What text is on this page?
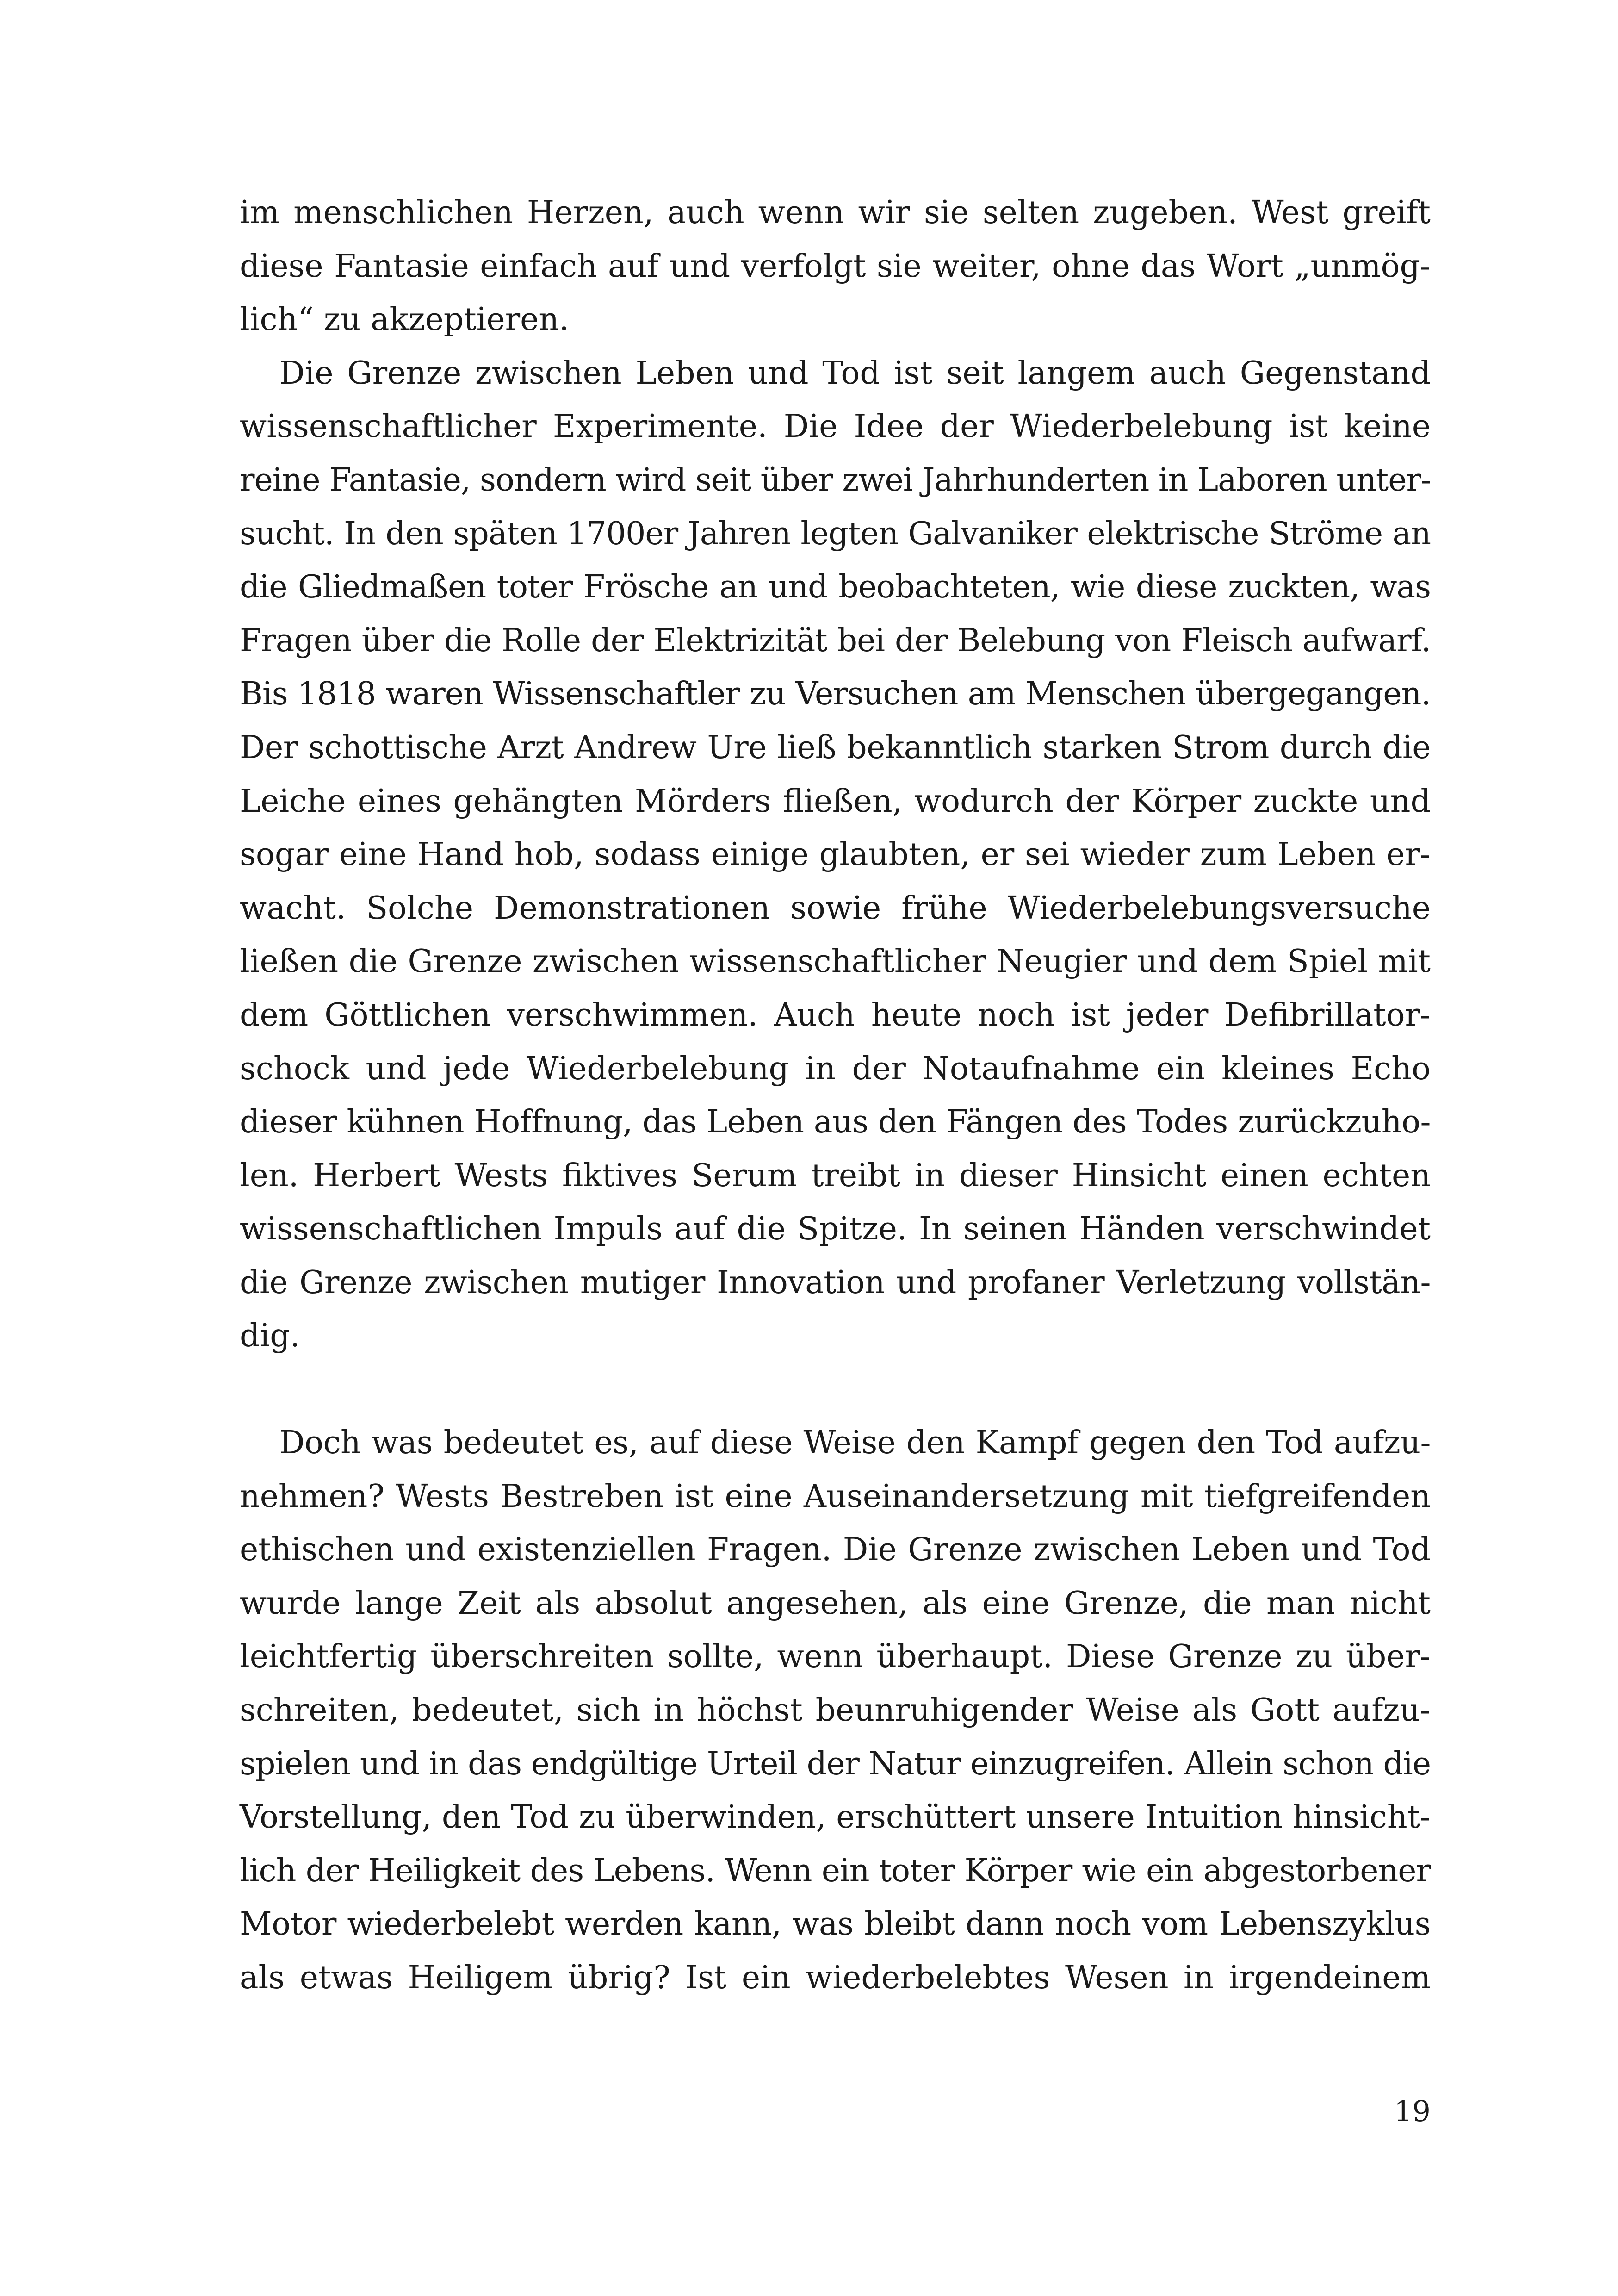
im menschlichen Herzen, auch wenn wir sie selten zugeben. West greift
diese Fantasie einfach auf und verfolgt sie weiter, ohne das Wort „unmög-
lich“ zu akzeptieren.
Die Grenze zwischen Leben und Tod ist seit langem auch Gegenstand
wissenschaftlicher Experimente. Die Idee der Wiederbelebung ist keine
reine Fantasie, sondern wird seit über zwei Jahrhunderten in Laboren unter-
sucht. In den späten 1700er Jahren legten Galvaniker elektrische Ströme an
die Gliedmaßen toter Frösche an und beobachteten, wie diese zuckten, was
Fragen über die Rolle der Elektrizität bei der Belebung von Fleisch aufwarf.
Bis 1818 waren Wissenschaftler zu Versuchen am Menschen übergegangen.
Der schottische Arzt Andrew Ure ließ bekanntlich starken Strom durch die
Leiche eines gehängten Mörders fließen, wodurch der Körper zuckte und
sogar eine Hand hob, sodass einige glaubten, er sei wieder zum Leben er-
wacht. Solche Demonstrationen sowie frühe Wiederbelebungsversuche
ließen die Grenze zwischen wissenschaftlicher Neugier und dem Spiel mit
dem Göttlichen verschwimmen. Auch heute noch ist jeder Defibrillator-
schock und jede Wiederbelebung in der Notaufnahme ein kleines Echo
dieser kühnen Hoffnung, das Leben aus den Fängen des Todes zurückzuho-
len. Herbert Wests fiktives Serum treibt in dieser Hinsicht einen echten
wissenschaftlichen Impuls auf die Spitze. In seinen Händen verschwindet
die Grenze zwischen mutiger Innovation und profaner Verletzung vollstän-
dig.
Doch was bedeutet es, auf diese Weise den Kampf gegen den Tod aufzu-
nehmen? Wests Bestreben ist eine Auseinandersetzung mit tiefgreifenden
ethischen und existenziellen Fragen. Die Grenze zwischen Leben und Tod
wurde lange Zeit als absolut angesehen, als eine Grenze, die man nicht
leichtfertig überschreiten sollte, wenn überhaupt. Diese Grenze zu über-
schreiten, bedeutet, sich in höchst beunruhigender Weise als Gott aufzu-
spielen und in das endgültige Urteil der Natur einzugreifen. Allein schon die
Vorstellung, den Tod zu überwinden, erschüttert unsere Intuition hinsicht-
lich der Heiligkeit des Lebens. Wenn ein toter Körper wie ein abgestorbener
Motor wiederbelebt werden kann, was bleibt dann noch vom Lebenszyklus
als etwas Heiligem übrig? Ist ein wiederbelebtes Wesen in irgendeinem
19
